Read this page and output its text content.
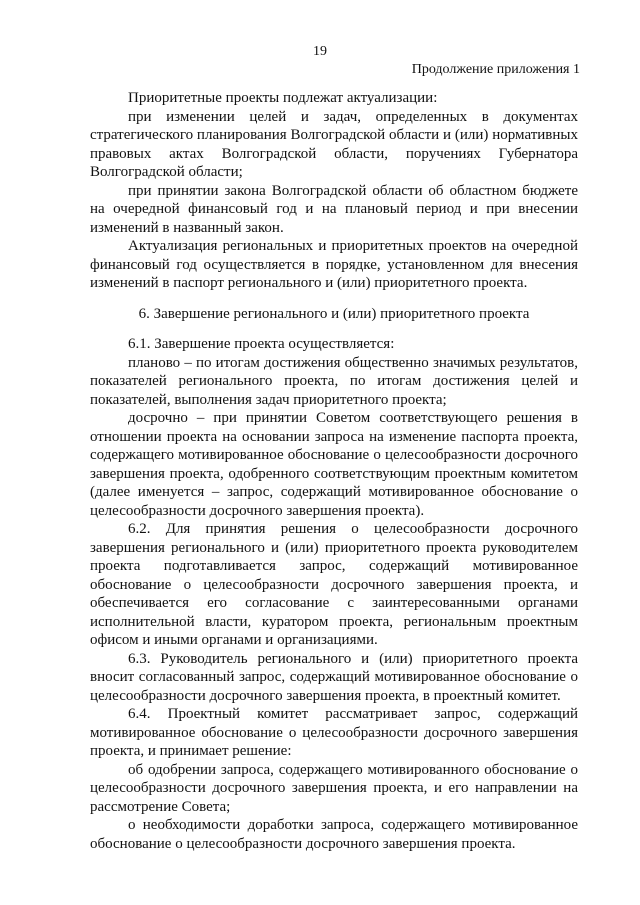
19
Продолжение приложения 1

Приоритетные проекты подлежат актуализации:

при изменении целей и задач, определенных в документах стратегического планирования Волгоградской области и (или) нормативных правовых актах Волгоградской области, поручениях Губернатора Волгоградской области;

при принятии закона Волгоградской области об областном бюджете на очередной финансовый год и на плановый период и при внесении изменений в названный закон.

Актуализация региональных и приоритетных проектов на очередной финансовый год осуществляется в порядке, установленном для внесения изменений в паспорт регионального и (или) приоритетного проекта.

6. Завершение регионального и (или) приоритетного проекта

6.1. Завершение проекта осуществляется:

планово – по итогам достижения общественно значимых результатов, показателей регионального проекта, по итогам достижения целей и показателей, выполнения задач приоритетного проекта;

досрочно – при принятии Советом соответствующего решения в отношении проекта на основании запроса на изменение паспорта проекта, содержащего мотивированное обоснование о целесообразности досрочного завершения проекта, одобренного соответствующим проектным комитетом (далее именуется – запрос, содержащий мотивированное обоснование о целесообразности досрочного завершения проекта).

6.2. Для принятия решения о целесообразности досрочного завершения регионального и (или) приоритетного проекта руководителем проекта подготавливается запрос, содержащий мотивированное обоснование о целесообразности досрочного завершения проекта, и обеспечивается его согласование с заинтересованными органами исполнительной власти, куратором проекта, региональным проектным офисом и иными органами и организациями.

6.3. Руководитель регионального и (или) приоритетного проекта вносит согласованный запрос, содержащий мотивированное обоснование о целесообразности досрочного завершения проекта, в проектный комитет.

6.4. Проектный комитет рассматривает запрос, содержащий мотивированное обоснование о целесообразности досрочного завершения проекта, и принимает решение:

об одобрении запроса, содержащего мотивированного обоснование о целесообразности досрочного завершения проекта, и его направлении на рассмотрение Совета;

о необходимости доработки запроса, содержащего мотивированное обоснование о целесообразности досрочного завершения проекта.
